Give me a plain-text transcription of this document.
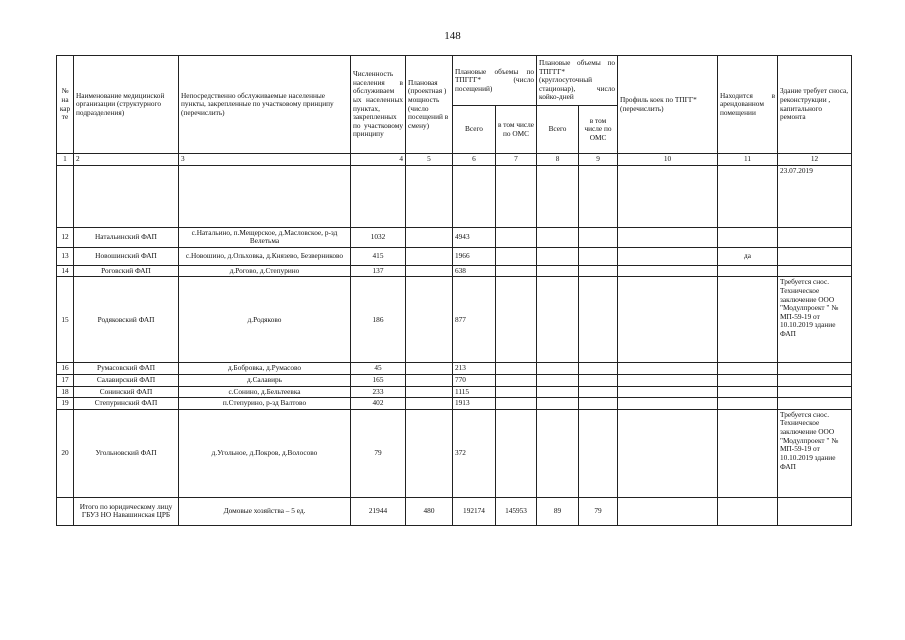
148
№ на кар те	Наименование медицинской организации (структурного подразделения)	Непосредственно обслуживаемые населенные пункты, закрепленные по участковому принципу (перечислить)	Численность населения в обслуживаем ых населенных пунктах, закрепленных по участковому принципу	Плановая (проектная ) мощность (число посещений в смену)	Плановые объемы по ТПГГГ* (число посещений)		Плановые объемы по ТПГГГ* (круглосуточный стационар), число койко-дней		Профиль коек по ТПГГ* (перечислить)	Находится в арендованном помещении	Здание требует сноса, реконструкции , капитального ремонта
					Всего	в том числе по ОМС	Всего	в том числе по ОМС			
1	2	3	4	5	6	7	8	9	10	11	12
											23.07.2019
12	Натальинский ФАП	с.Натальино, п.Мещерское, д.Масловское, р-зд Велетьма	1032		4943						
13	Новошинский ФАП	с.Новошино, д.Ольховка, д.Князево, Безверниково	415		1966					да	
14	Роговский ФАП	д.Рогово, д.Степурино	137		638						
15	Родяковский ФАП	д.Родяково	186		877						Требуется снос. Техническое заключение ООО "Модулпроект " № МП-59-19 от 10.10.2019 здание ФАП
16	Румасовский ФАП	д.Бобровка, д.Румасово	45		213						
17	Салавирский ФАП	д.Салавирь	165		770						
18	Сонинский ФАП	с.Сонино, д.Бельтеевка	233		1115						
19	Степуринский ФАП	п.Степурино, р-зд Валтово	402		1913						
20	Угольновский ФАП	д.Угольное, д.Покров, д.Волосово	79		372						Требуется снос. Техническое заключение ООО "Модулпроект " № МП-59-19 от 10.10.2019 здание ФАП
	Итого по юридическому лицу ГБУЗ НО Навашинская ЦРБ	Домовые хозяйства – 5 ед.	21944	480	192174	145953	89	79			
